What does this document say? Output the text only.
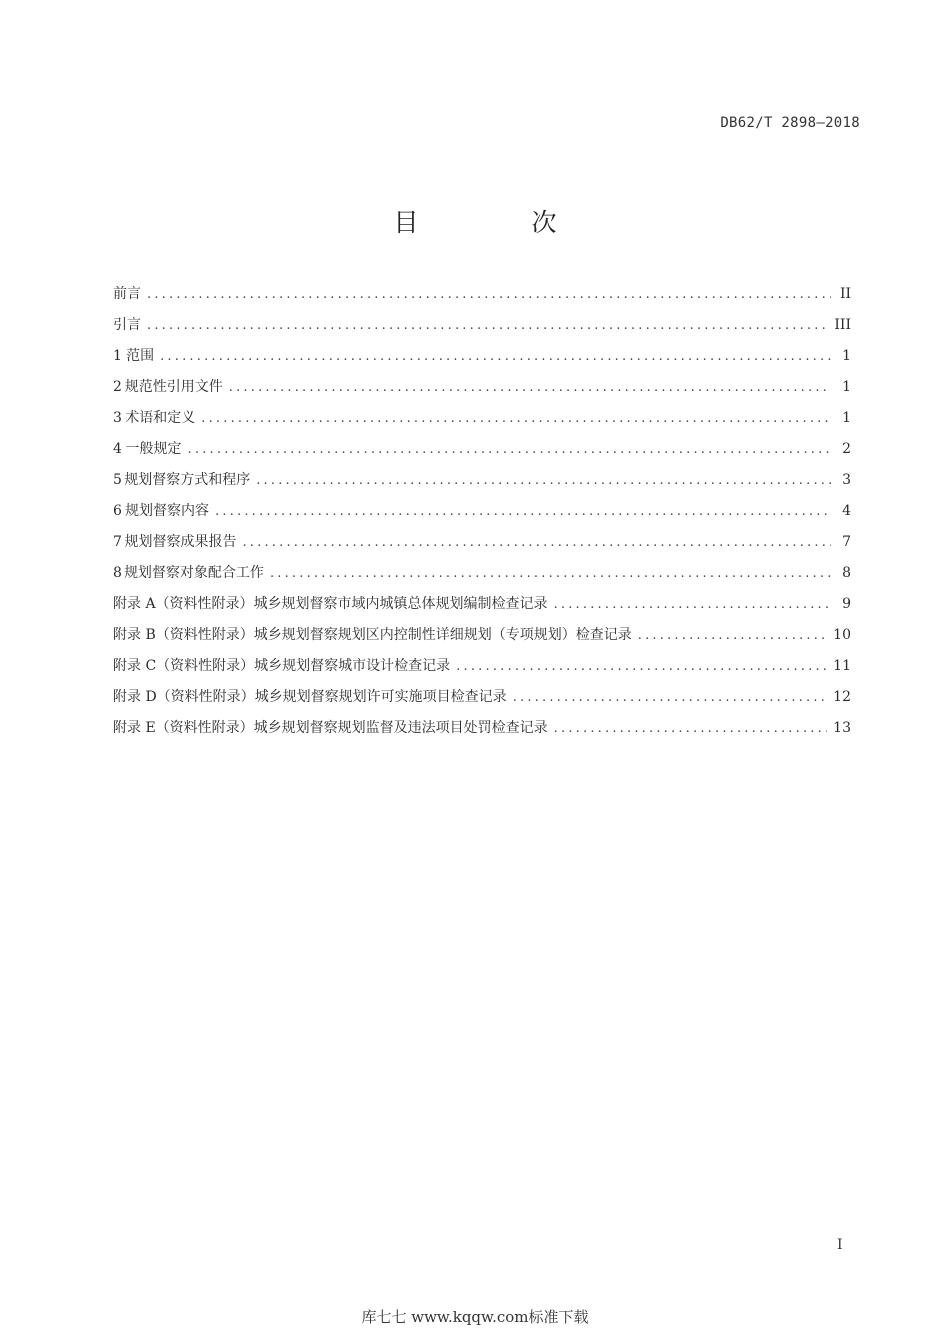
DB62/T 2898—2018
目　次
前言 .....	II
引言 .....	III
1 范围 .....	1
2 规范性引用文件 .....	1
3 术语和定义 .....	1
4 一般规定 .....	2
5 规划督察方式和程序 .....	3
6 规划督察内容 .....	4
7 规划督察成果报告 .....	7
8 规划督察对象配合工作 .....	8
附录 A（资料性附录） 城乡规划督察市域内城镇总体规划编制检查记录 .....	9
附录 B（资料性附录） 城乡规划督察规划区内控制性详细规划（专项规划）检查记录 .....	10
附录 C（资料性附录） 城乡规划督察城市设计检查记录 .....	11
附录 D（资料性附录） 城乡规划督察规划许可实施项目检查记录 .....	12
附录 E（资料性附录） 城乡规划督察规划监督及违法项目处罚检查记录 .....	13
I
库七七 www.kqqw.com标准下载
